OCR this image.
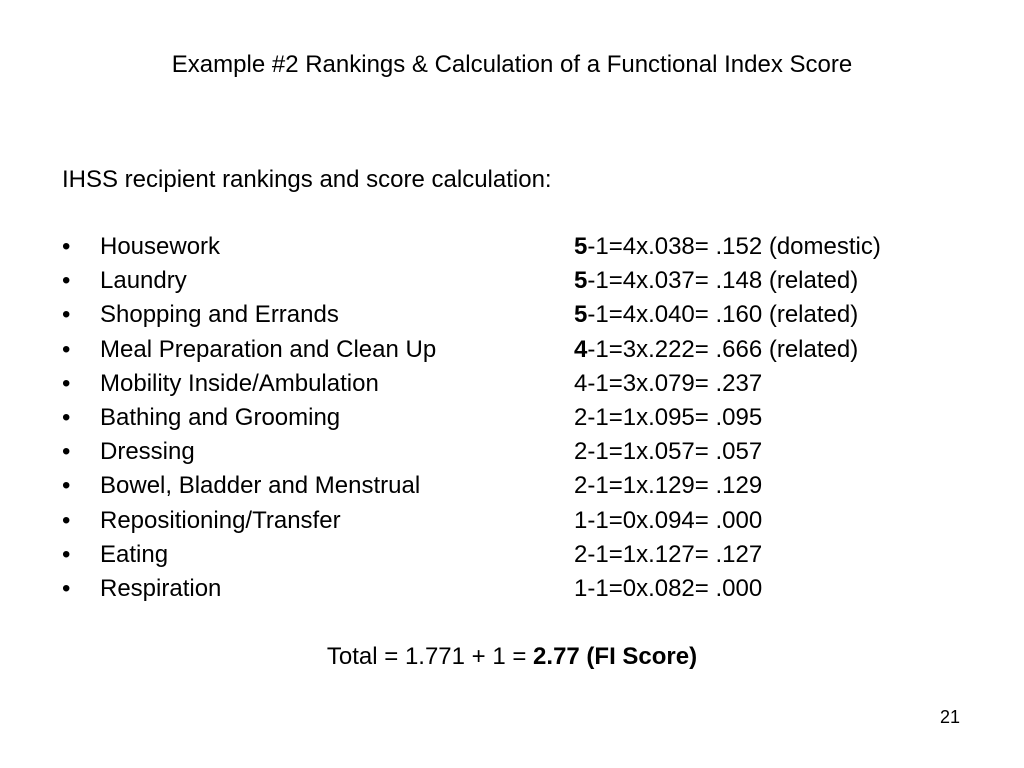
Example #2 Rankings & Calculation of a Functional Index Score
IHSS recipient rankings and score calculation:
•	Housework	5-1=4x.038= .152 (domestic)
•	Laundry	5-1=4x.037= .148 (related)
•	Shopping and Errands	5-1=4x.040= .160 (related)
•	Meal Preparation and Clean Up	4-1=3x.222= .666 (related)
•	Mobility Inside/Ambulation	4-1=3x.079= .237
•	Bathing and Grooming	2-1=1x.095= .095
•	Dressing	2-1=1x.057= .057
•	Bowel, Bladder and Menstrual	2-1=1x.129= .129
•	Repositioning/Transfer	1-1=0x.094= .000
•	Eating	2-1=1x.127= .127
•	Respiration	1-1=0x.082= .000
Total = 1.771 + 1 = 2.77 (FI Score)
21
